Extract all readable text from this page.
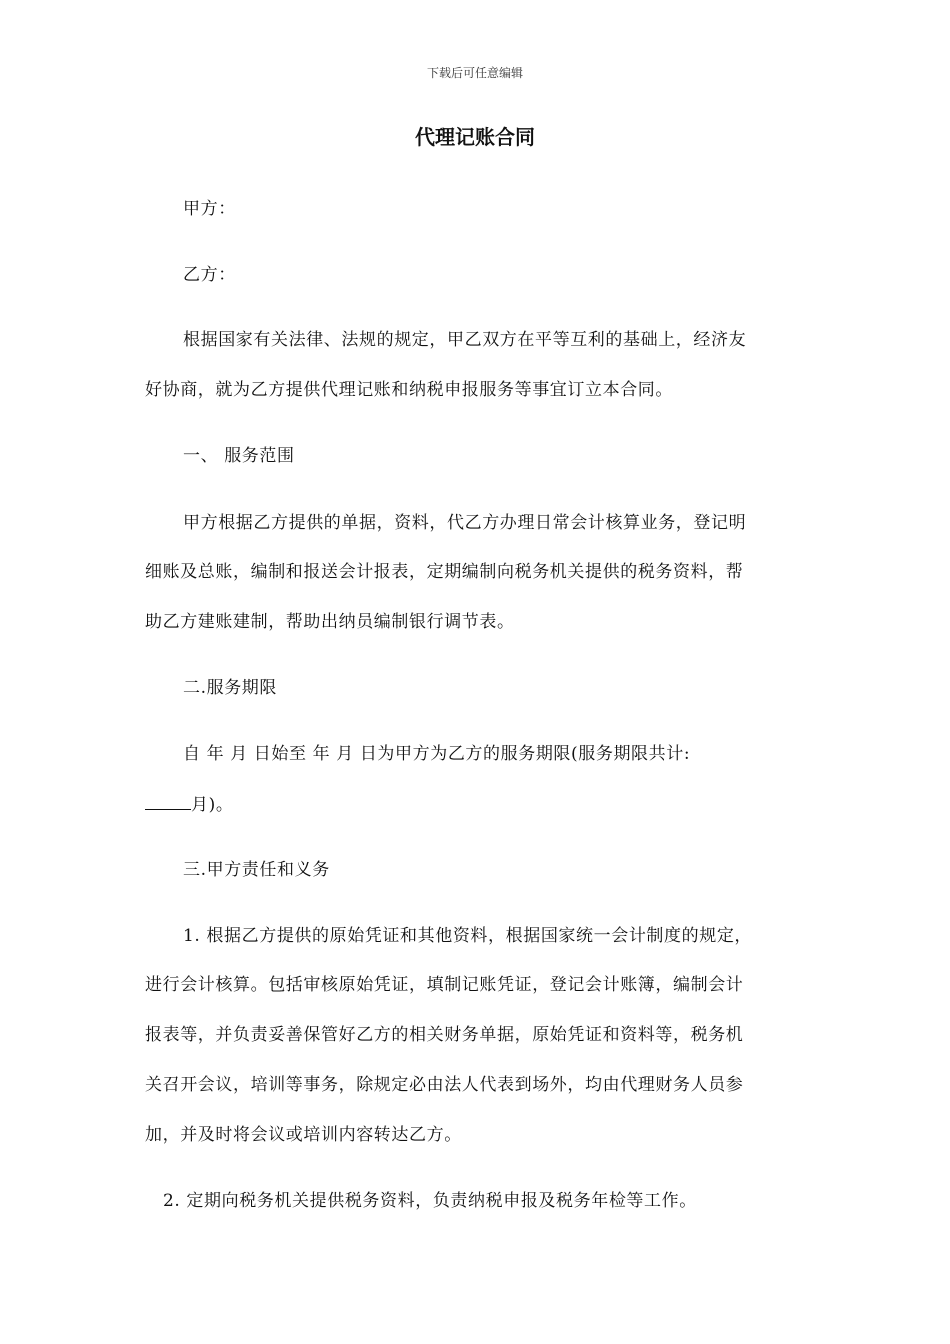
下载后可任意编辑
代理记账合同
甲方：
乙方：
根据国家有关法律、法规的规定，甲乙双方在平等互利的基础上，经济友
好协商，就为乙方提供代理记账和纳税申报服务等事宜订立本合同。
一、 服务范围
甲方根据乙方提供的单据，资料，代乙方办理日常会计核算业务，登记明
细账及总账，编制和报送会计报表，定期编制向税务机关提供的税务资料，帮
助乙方建账建制，帮助出纳员编制银行调节表。
二.服务期限
自 年 月 日始至 年 月 日为甲方为乙方的服务期限(服务期限共计:
月)。
三.甲方责任和义务
1. 根据乙方提供的原始凭证和其他资料，根据国家统一会计制度的规定，
进行会计核算。包括审核原始凭证，填制记账凭证，登记会计账簿，编制会计
报表等，并负责妥善保管好乙方的相关财务单据，原始凭证和资料等，税务机
关召开会议，培训等事务，除规定必由法人代表到场外，均由代理财务人员参
加，并及时将会议或培训内容转达乙方。
2. 定期向税务机关提供税务资料，负责纳税申报及税务年检等工作。
